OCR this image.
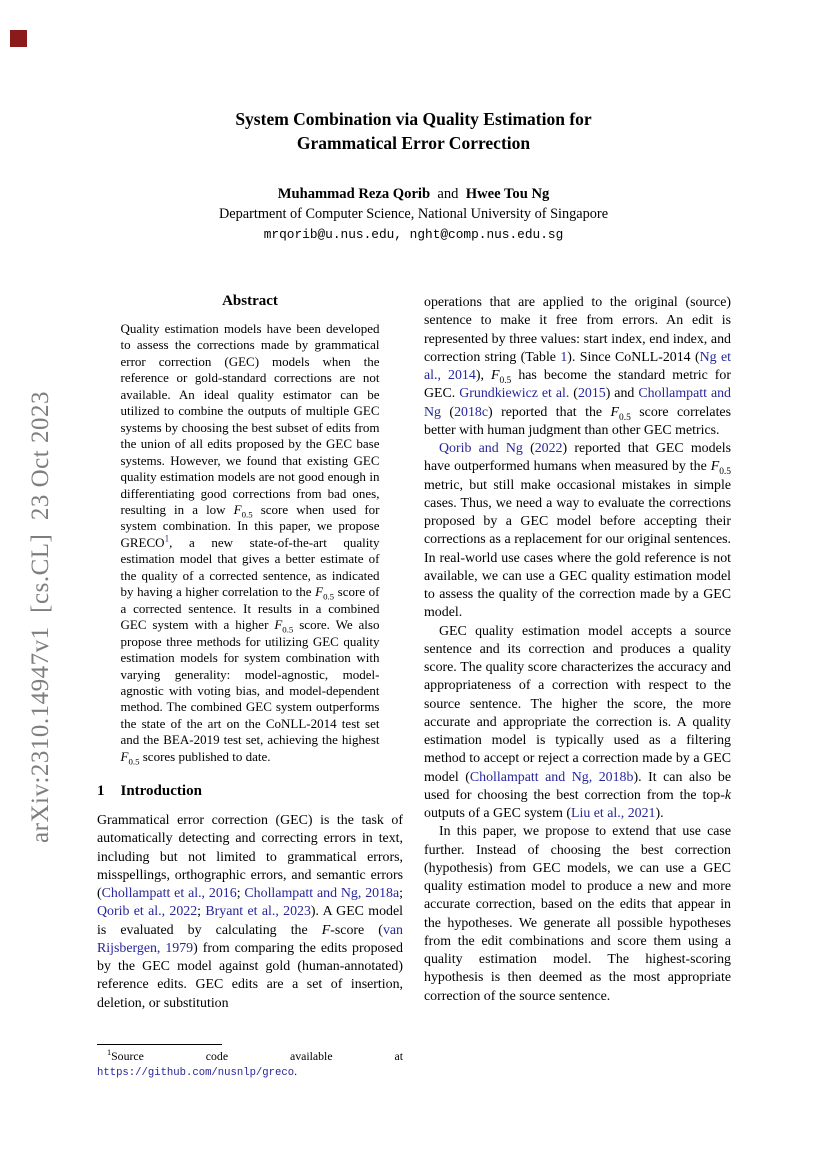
arXiv:2310.14947v1  [cs.CL]  23 Oct 2023
System Combination via Quality Estimation for
Grammatical Error Correction
Muhammad Reza Qorib  and  Hwee Tou Ng
Department of Computer Science, National University of Singapore
mrqorib@u.nus.edu, nght@comp.nus.edu.sg
Abstract
Quality estimation models have been developed to assess the corrections made by grammatical error correction (GEC) models when the reference or gold-standard corrections are not available. An ideal quality estimator can be utilized to combine the outputs of multiple GEC systems by choosing the best subset of edits from the union of all edits proposed by the GEC base systems. However, we found that existing GEC quality estimation models are not good enough in differentiating good corrections from bad ones, resulting in a low $F_{0.5}$ score when used for system combination. In this paper, we propose GRECO$^1$, a new state-of-the-art quality estimation model that gives a better estimate of the quality of a corrected sentence, as indicated by having a higher correlation to the $F_{0.5}$ score of a corrected sentence. It results in a combined GEC system with a higher $F_{0.5}$ score. We also propose three methods for utilizing GEC quality estimation models for system combination with varying generality: model-agnostic, model-agnostic with voting bias, and model-dependent method. The combined GEC system outperforms the state of the art on the CoNLL-2014 test set and the BEA-2019 test set, achieving the highest $F_{0.5}$ scores published to date.
1 Introduction
Grammatical error correction (GEC) is the task of automatically detecting and correcting errors in text, including but not limited to grammatical errors, misspellings, orthographic errors, and semantic errors (Chollampatt et al., 2016; Chollampatt and Ng, 2018a; Qorib et al., 2022; Bryant et al., 2023). A GEC model is evaluated by calculating the F-score (van Rijsbergen, 1979) from comparing the edits proposed by the GEC model against gold (human-annotated) reference edits. GEC edits are a set of insertion, deletion, or substitution

operations that are applied to the original (source) sentence to make it free from errors. An edit is represented by three values: start index, end index, and correction string (Table 1). Since CoNLL-2014 (Ng et al., 2014), $F_{0.5}$ has become the standard metric for GEC. Grundkiewicz et al. (2015) and Chollampatt and Ng (2018c) reported that the $F_{0.5}$ score correlates better with human judgment than other GEC metrics.

Qorib and Ng (2022) reported that GEC models have outperformed humans when measured by the $F_{0.5}$ metric, but still make occasional mistakes in simple cases. Thus, we need a way to evaluate the corrections proposed by a GEC model before accepting their corrections as a replacement for our original sentences. In real-world use cases where the gold reference is not available, we can use a GEC quality estimation model to assess the quality of the correction made by a GEC model.

GEC quality estimation model accepts a source sentence and its correction and produces a quality score. The quality score characterizes the accuracy and appropriateness of a correction with respect to the source sentence. The higher the score, the more accurate and appropriate the correction is. A quality estimation model is typically used as a filtering method to accept or reject a correction made by a GEC model (Chollampatt and Ng, 2018b). It can also be used for choosing the best correction from the top-k outputs of a GEC system (Liu et al., 2021).

In this paper, we propose to extend that use case further. Instead of choosing the best correction (hypothesis) from GEC models, we can use a GEC quality estimation model to produce a new and more accurate correction, based on the edits that appear in the hypotheses. We generate all possible hypotheses from the edit combinations and score them using a quality estimation model. The highest-scoring hypothesis is then deemed as the most appropriate correction of the source sentence.

$^1$Source code available at https://github.com/nusnlp/greco.
